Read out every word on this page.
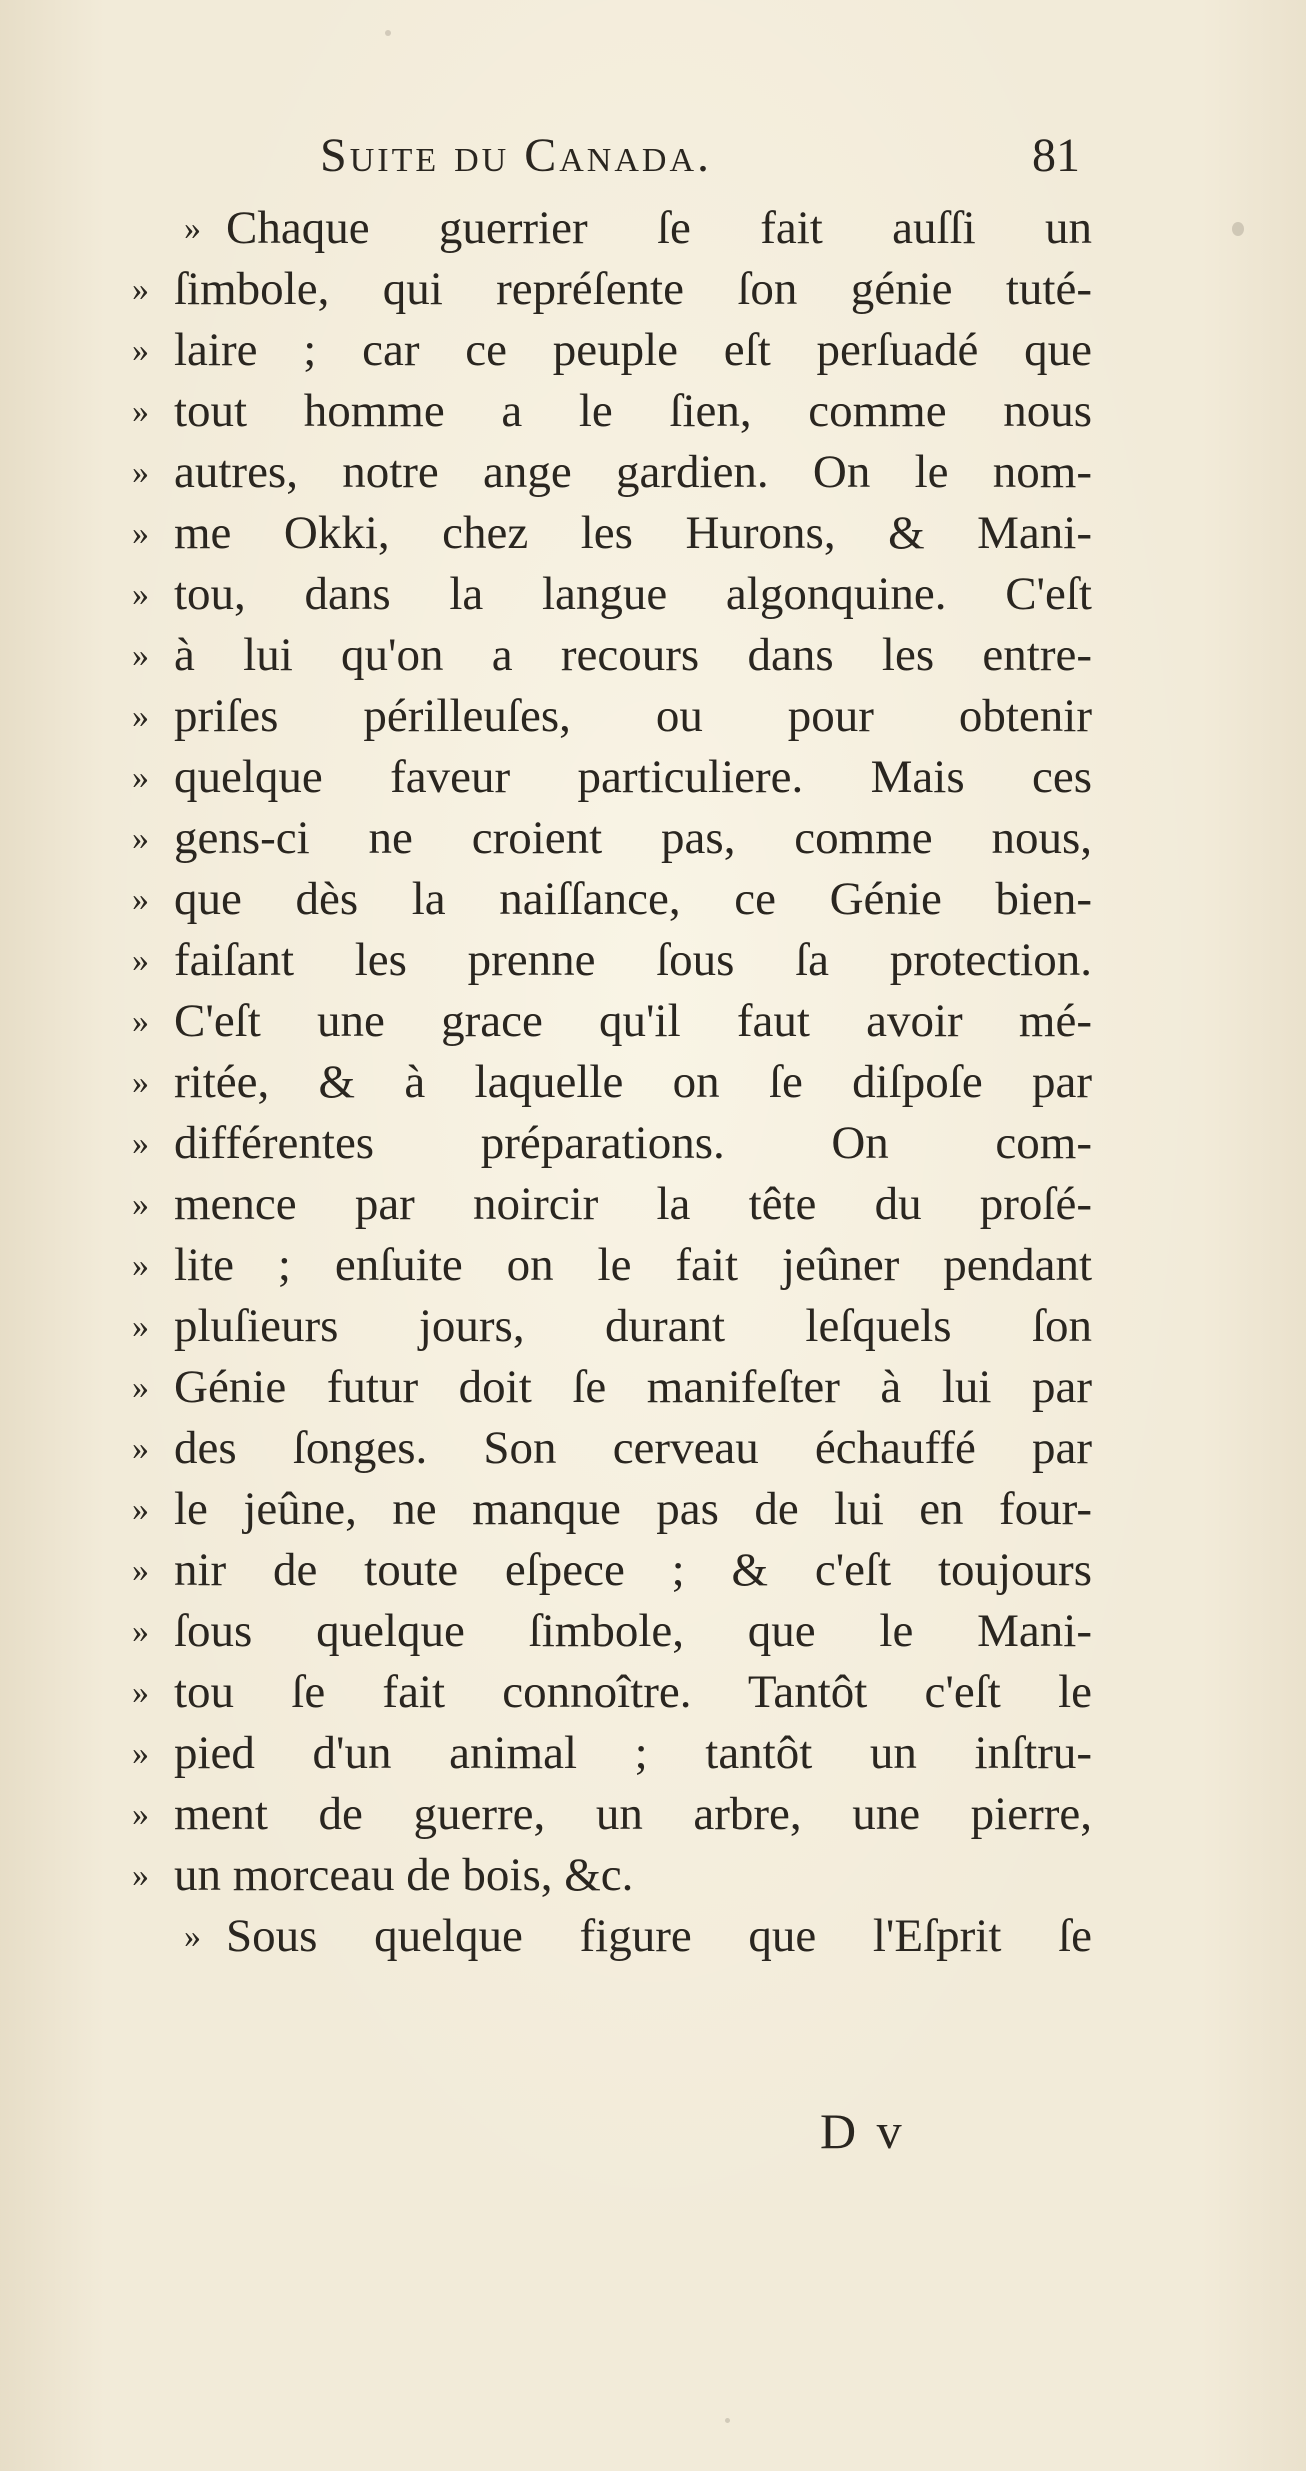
Suite du Canada.	81
» Chaque guerrier ſe fait auſſi un
» ſimbole, qui repréſente ſon génie tuté-
» laire ; car ce peuple eſt perſuadé que
» tout homme a le ſien, comme nous
» autres, notre ange gardien. On le nom-
» me Okki, chez les Hurons, & Mani-
» tou, dans la langue algonquine. C'eſt
» à lui qu'on a recours dans les entre-
» priſes périlleuſes, ou pour obtenir
» quelque faveur particuliere. Mais ces
» gens-ci ne croient pas, comme nous,
» que dès la naiſſance, ce Génie bien-
» faiſant les prenne ſous ſa protection.
» C'eſt une grace qu'il faut avoir mé-
» ritée, & à laquelle on ſe diſpoſe par
» différentes préparations. On com-
» mence par noircir la tête du proſé-
» lite ; enſuite on le fait jeûner pendant
» pluſieurs jours, durant leſquels ſon
» Génie futur doit ſe manifeſter à lui par
» des ſonges. Son cerveau échauffé par
» le jeûne, ne manque pas de lui en four-
» nir de toute eſpece ; & c'eſt toujours
» ſous quelque ſimbole, que le Mani-
» tou ſe fait connoître. Tantôt c'eſt le
» pied d'un animal ; tantôt un inſtru-
» ment de guerre, un arbre, une pierre,
» un morceau de bois, &c.
» Sous quelque figure que l'Eſprit ſe
D v
